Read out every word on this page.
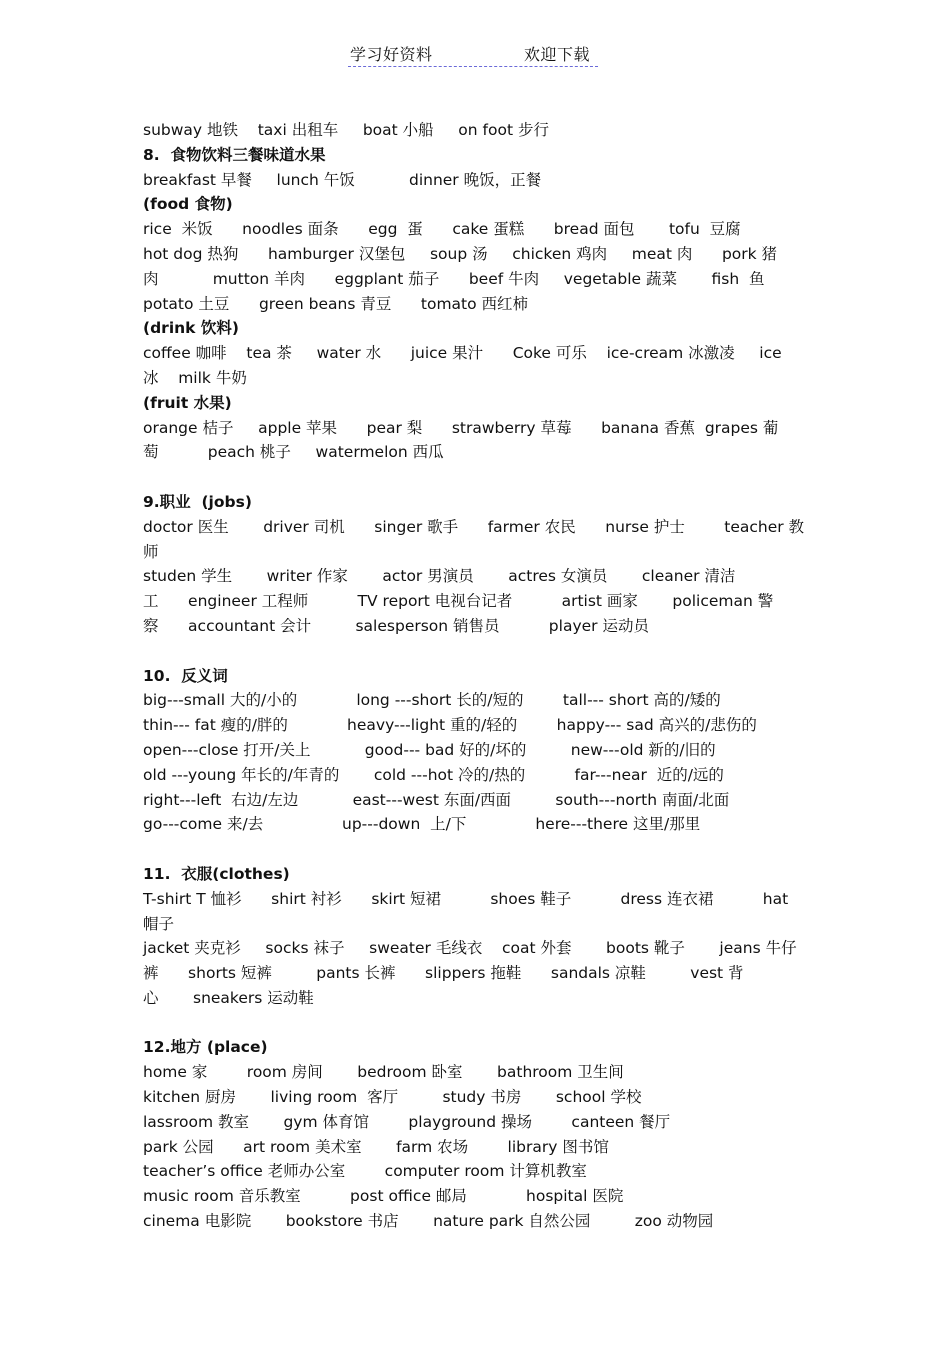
学习好资料	欢迎下载

subway 地铁    taxi 出租车     boat 小船     on foot 步行

8.  食物饮料三餐味道水果

breakfast 早餐     lunch 午饭           dinner 晚饭，正餐

(food 食物)

rice  米饭      noodles 面条      egg  蛋      cake 蛋糕      bread 面包       tofu  豆腐

hot dog 热狗      hamburger 汉堡包     soup 汤     chicken 鸡肉     meat 肉      pork 猪

肉           mutton 羊肉      eggplant 茄子      beef 牛肉     vegetable 蔬菜       fish  鱼

potato 土豆      green beans 青豆      tomato 西红柿

(drink 饮料)

coffee 咖啡    tea 茶     water 水      juice 果汁      Coke 可乐    ice-cream 冰激凌     ice

冰    milk 牛奶

(fruit 水果)

orange 桔子     apple 苹果      pear 梨      strawberry 草莓      banana 香蕉  grapes 葡

萄          peach 桃子     watermelon 西瓜

9.职业  (jobs)

doctor 医生       driver 司机      singer 歌手      farmer 农民      nurse 护士        teacher 教师

studen 学生       writer 作家       actor 男演员       actres 女演员       cleaner 清洁

工      engineer 工程师          TV report 电视台记者          artist 画家       policeman 警

察      accountant 会计         salesperson 销售员          player 运动员

10.  反义词

big---small 大的/小的            long ---short 长的/短的        tall--- short 高的/矮的

thin--- fat 瘦的/胖的            heavy---light 重的/轻的        happy--- sad 高兴的/悲伤的

open---close 打开/关上           good--- bad 好的/坏的         new---old 新的/旧的

old ---young 年长的/年青的       cold ---hot 冷的/热的          far---near  近的/远的

right---left  右边/左边           east---west 东面/西面         south---north 南面/北面

go---come 来/去                up---down  上/下              here---there 这里/那里

11.  衣服(clothes)

T-shirt T 恤衫      shirt 衬衫      skirt 短裙          shoes 鞋子          dress 连衣裙          hat

帽子

jacket 夹克衫     socks 袜子     sweater 毛线衣    coat 外套       boots 靴子       jeans 牛仔

裤      shorts 短裤         pants 长裤      slippers 拖鞋      sandals 凉鞋         vest 背

心       sneakers 运动鞋

12.地方 (place)

home 家        room 房间       bedroom 卧室       bathroom 卫生间

kitchen 厨房       living room  客厅         study 书房       school 学校

lassroom 教室       gym 体育馆        playground 操场        canteen 餐厅

park 公园      art room 美术室       farm 农场        library 图书馆

teacher’s office 老师办公室        computer room 计算机教室

music room 音乐教室          post office 邮局            hospital 医院

cinema 电影院       bookstore 书店       nature park 自然公园         zoo 动物园
